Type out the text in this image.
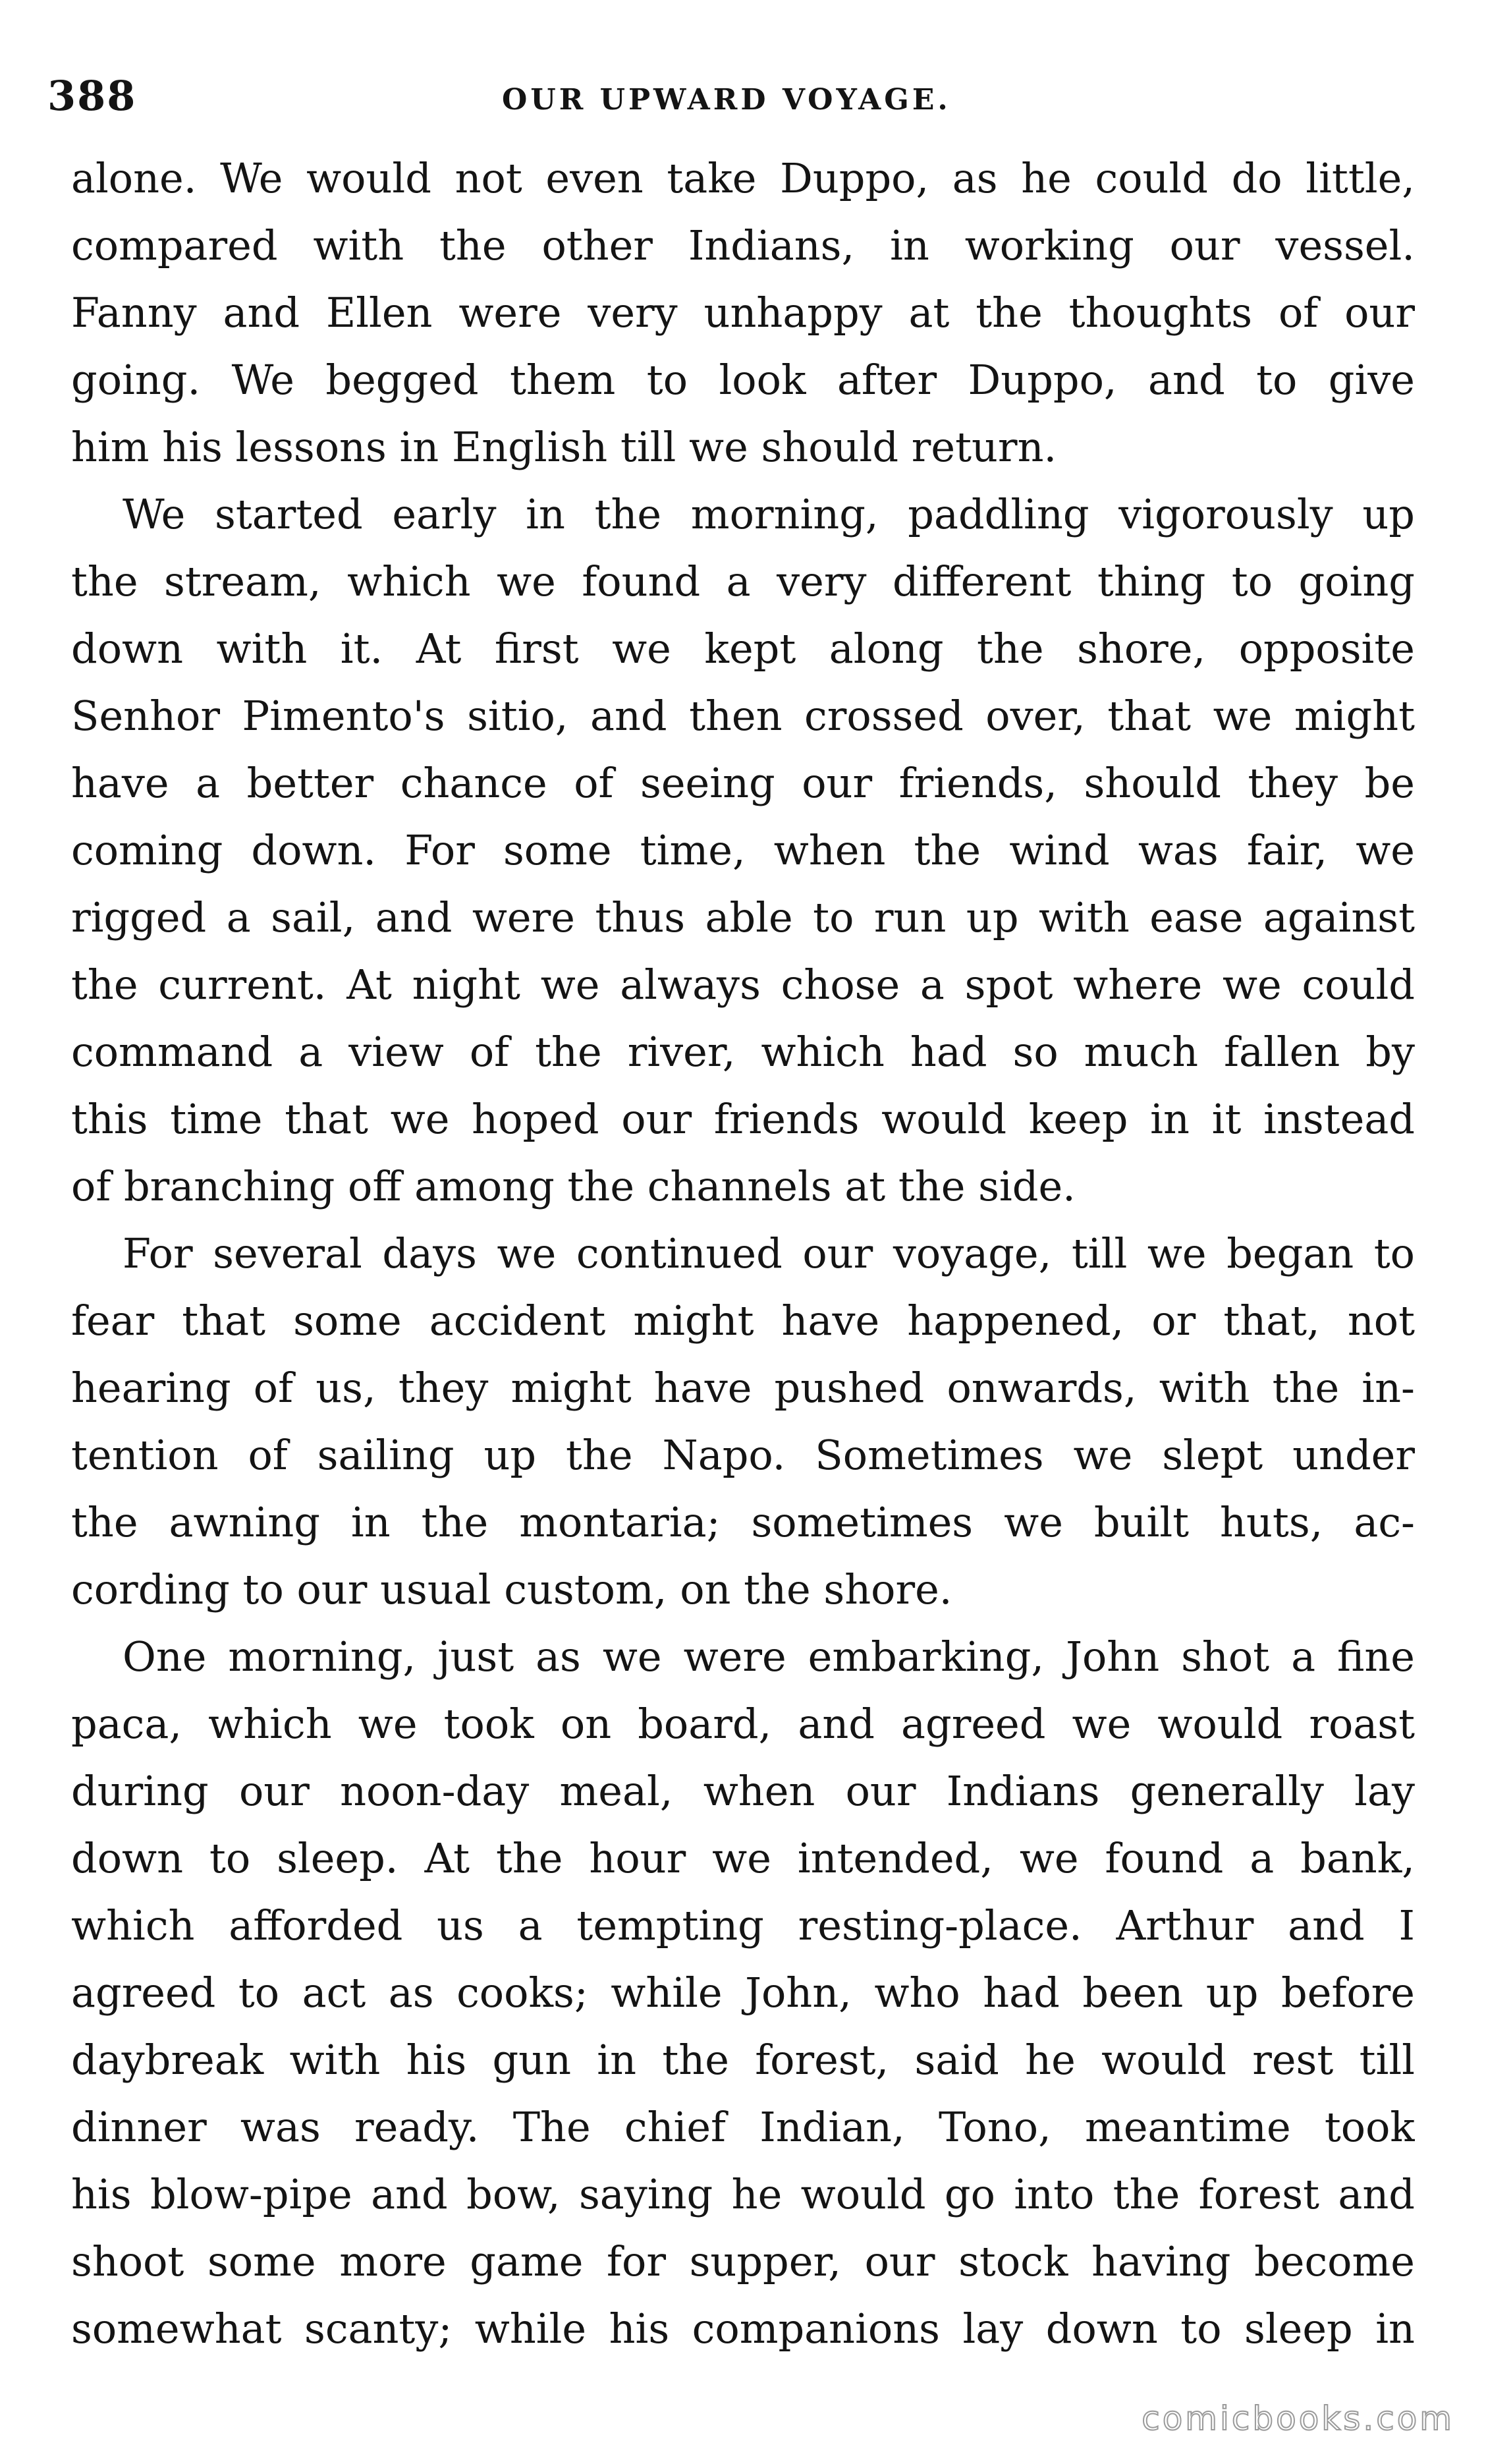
388	OUR UPWARD VOYAGE.

alone. We would not even take Duppo, as he could do little,
compared with the other Indians, in working our vessel.
Fanny and Ellen were very unhappy at the thoughts of our
going. We begged them to look after Duppo, and to give
him his lessons in English till we should return.

We started early in the morning, paddling vigorously up
the stream, which we found a very different thing to going
down with it. At first we kept along the shore, opposite
Senhor Pimento's sitio, and then crossed over, that we might
have a better chance of seeing our friends, should they be
coming down. For some time, when the wind was fair, we
rigged a sail, and were thus able to run up with ease against
the current. At night we always chose a spot where we could
command a view of the river, which had so much fallen by
this time that we hoped our friends would keep in it instead
of branching off among the channels at the side.

For several days we continued our voyage, till we began to
fear that some accident might have happened, or that, not
hearing of us, they might have pushed onwards, with the in-
tention of sailing up the Napo. Sometimes we slept under
the awning in the montaria; sometimes we built huts, ac-
cording to our usual custom, on the shore.

One morning, just as we were embarking, John shot a fine
paca, which we took on board, and agreed we would roast
during our noon-day meal, when our Indians generally lay
down to sleep. At the hour we intended, we found a bank,
which afforded us a tempting resting-place. Arthur and I
agreed to act as cooks; while John, who had been up before
daybreak with his gun in the forest, said he would rest till
dinner was ready. The chief Indian, Tono, meantime took
his blow-pipe and bow, saying he would go into the forest and
shoot some more game for supper, our stock having become
somewhat scanty; while his companions lay down to sleep in

comicbooks.com
